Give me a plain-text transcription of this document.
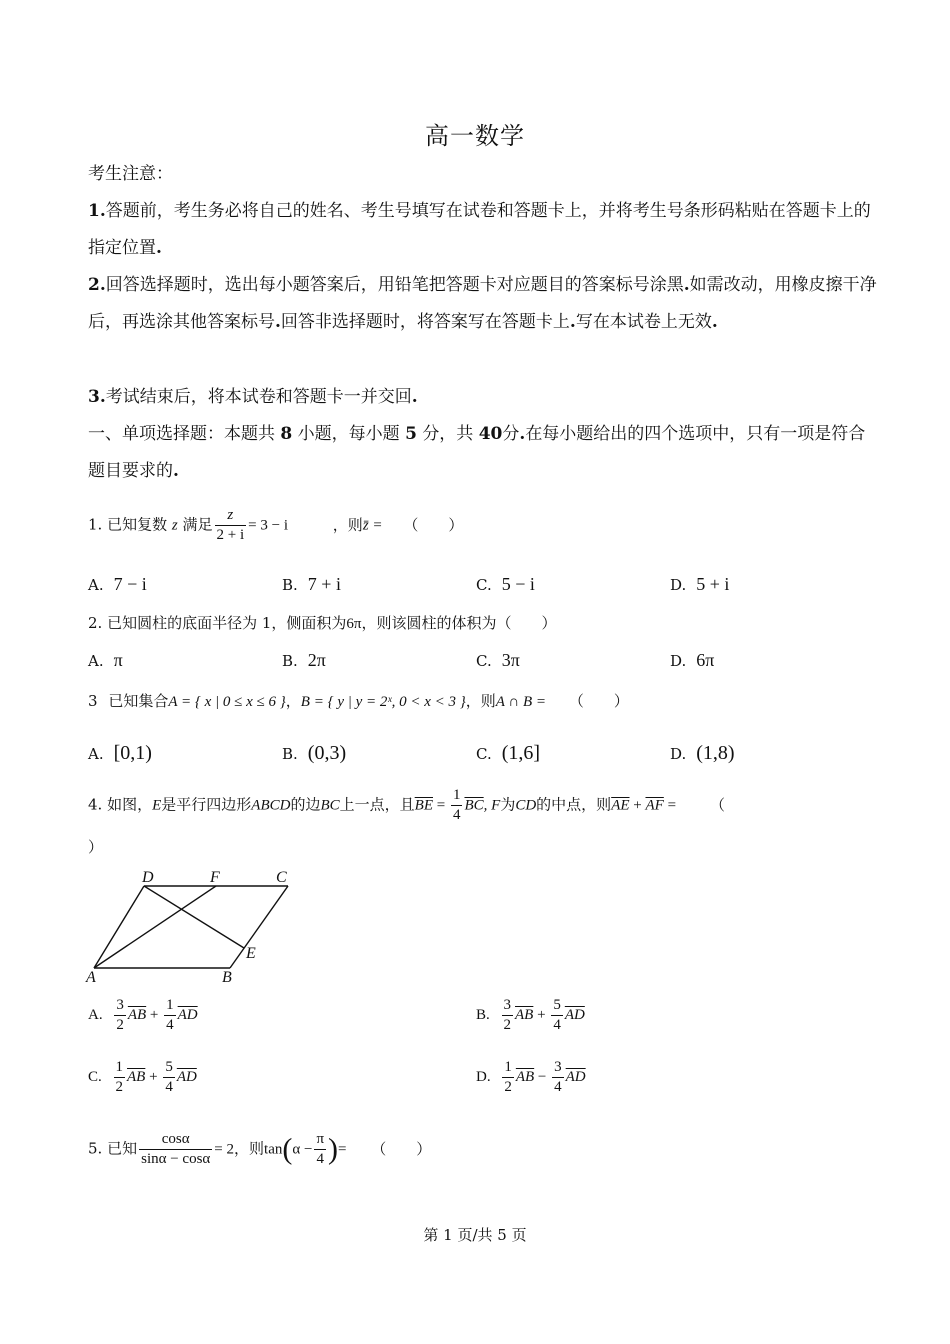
高一数学
考生注意：
1.答题前，考生务必将自己的姓名、考生号填写在试卷和答题卡上，并将考生号条形码粘贴在答题卡上的指定位置.
2.回答选择题时，选出每小题答案后，用铅笔把答题卡对应题目的答案标号涂黑.如需改动，用橡皮擦干净后，再选涂其他答案标号.回答非选择题时，将答案写在答题卡上.写在本试卷上无效.
3.考试结束后，将本试卷和答题卡一并交回.
一、单项选择题：本题共 8 小题，每小题 5 分，共 40分.在每小题给出的四个选项中，只有一项是符合题目要求的.
1. 已知复数 z 满足 $\frac{z}{2 + i} = 3 - i$	，则z̄ = （　　）
A. 7 − i	B. 7 + i	C. 5 − i	D. 5 + i
2. 已知圆柱的底面半径为 1，侧面积为6π，则该圆柱的体积为（　　）
A. π	B. 2π	C. 3π	D. 6π
3 已知集合A = { x | 0 ≤ x ≤ 6 }，B = { y | y = 2ˣ, 0 < x < 3 }，则A ∩ B = （　　）
A. [0,1)	B. (0,3)	C. (1,6]	D. (1,8)
4. 如图，E是平行四边形ABCD的边BC上一点，且$\overline{BE} = \frac{1}{4} \overline{BC}$, F为CD的中点，则$\overline{AE} + \overline{AF}$ = （
）
A	B
C
D
E
F
A. $\frac{3}{2} \overline{AB} + \frac{1}{4} \overline{AD}$	B. $\frac{3}{2} \overline{AB} + \frac{5}{4} \overline{AD}$
C. $\frac{1}{2} \overline{AB} + \frac{5}{4} \overline{AD}$	D. $\frac{1}{2} \overline{AB} - \frac{3}{4} \overline{AD}$
5. 已知 $\frac{\cos\alpha}{\sin\alpha - \cos\alpha} = 2$，则$\tan(\alpha - \frac{\pi}{4}$ )= （　　）
第 1 页/共 5 页
